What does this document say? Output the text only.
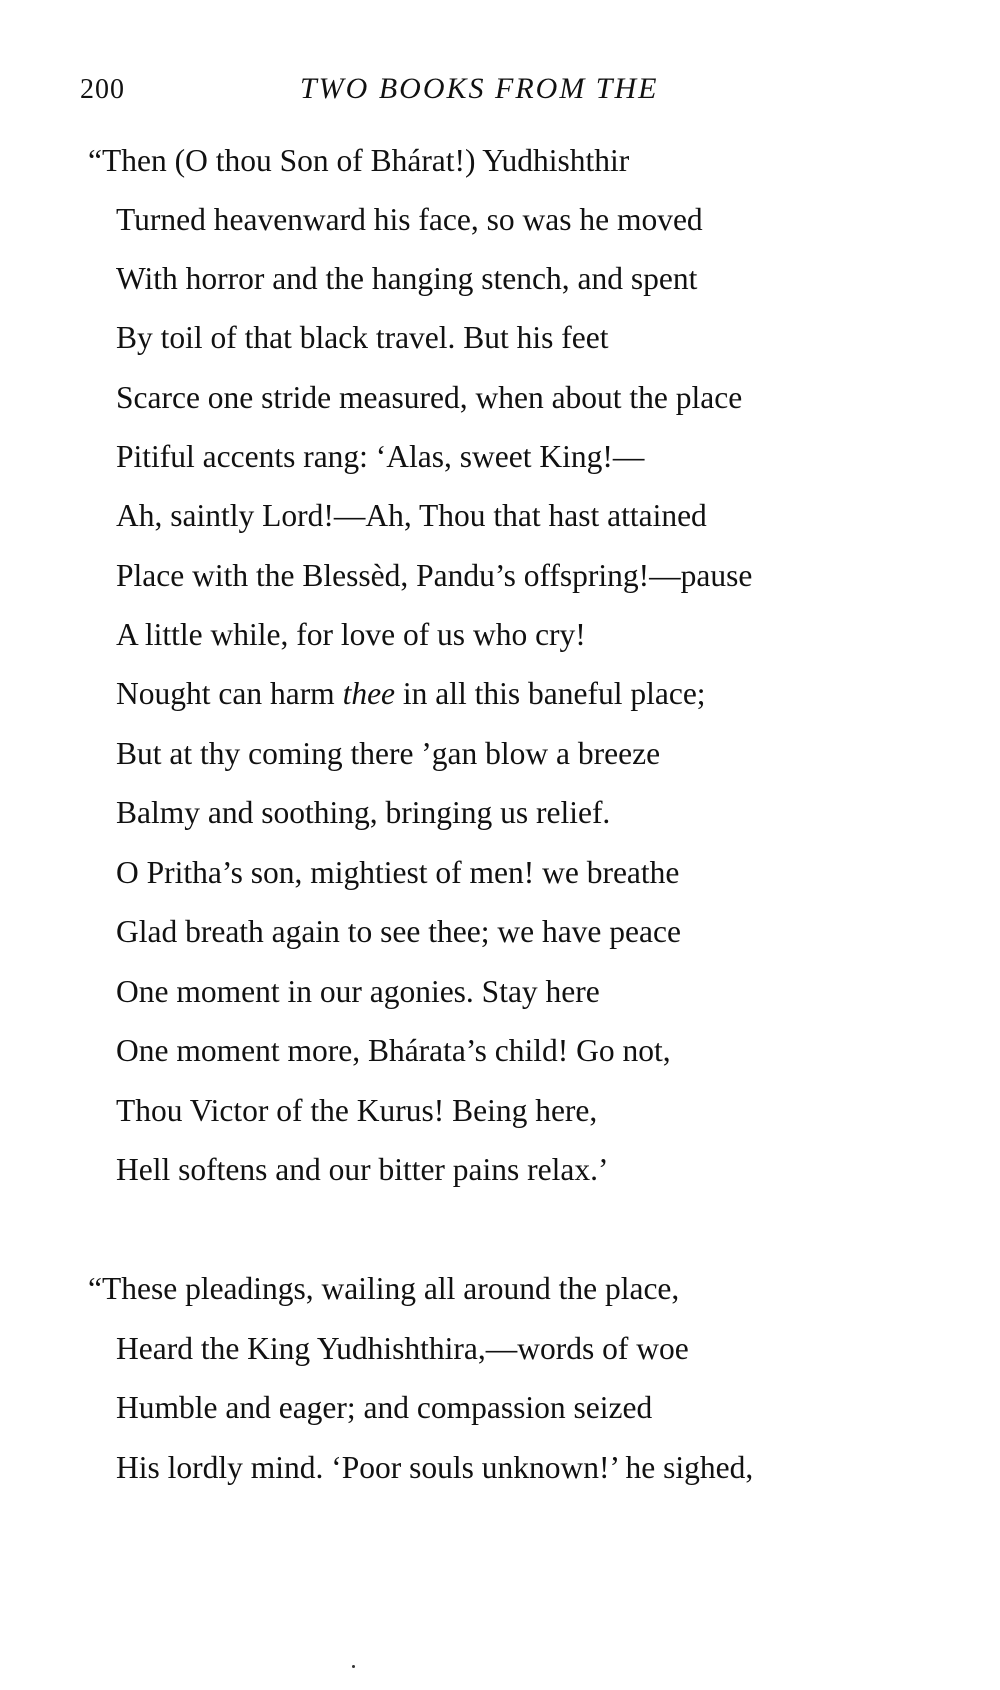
200	TWO BOOKS FROM THE
“Then (O thou Son of Bhárat!) Yudhishthir
Turned heavenward his face, so was he moved
With horror and the hanging stench, and spent
By toil of that black travel. But his feet
Scarce one stride measured, when about the place
Pitiful accents rang: ‘Alas, sweet King!—
Ah, saintly Lord!—Ah, Thou that hast attained
Place with the Blessèd, Pandu’s offspring!—pause
A little while, for love of us who cry!
Nought can harm thee in all this baneful place;
But at thy coming there ’gan blow a breeze
Balmy and soothing, bringing us relief.
O Pritha’s son, mightiest of men! we breathe
Glad breath again to see thee; we have peace
One moment in our agonies. Stay here
One moment more, Bhárata’s child! Go not,
Thou Victor of the Kurus! Being here,
Hell softens and our bitter pains relax.’
“These pleadings, wailing all around the place,
Heard the King Yudhishthira,—words of woe
Humble and eager; and compassion seized
His lordly mind. ‘Poor souls unknown!’ he sighed,
